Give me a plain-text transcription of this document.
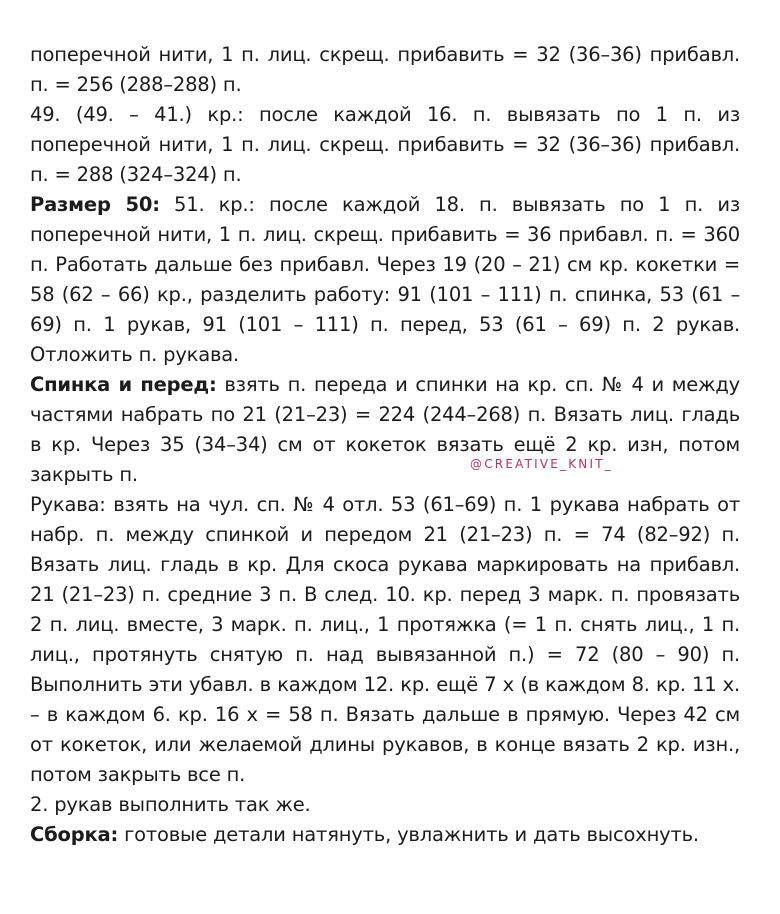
поперечной нити, 1 п. лиц. скрещ. прибавить = 32 (36–36) прибавл. п. = 256 (288–288) п.

49. (49. – 41.) кр.: после каждой 16. п. вывязать по 1 п. из поперечной нити, 1 п. лиц. скрещ. прибавить = 32 (36–36) прибавл. п. = 288 (324–324) п.

Размер 50: 51. кр.: после каждой 18. п. вывязать по 1 п. из поперечной нити, 1 п. лиц. скрещ. прибавить = 36 прибавл. п. = 360 п. Работать дальше без прибавл. Через 19 (20 – 21) см кр. кокетки = 58 (62 – 66) кр., разделить работу: 91 (101 – 111) п. спинка, 53 (61 – 69) п. 1 рукав, 91 (101 – 111) п. перед, 53 (61 – 69) п. 2 рукав. Отложить п. рукава.

Спинка и перед: взять п. переда и спинки на кр. сп. № 4 и между частями набрать по 21 (21–23) = 224 (244–268) п. Вязать лиц. гладь в кр. Через 35 (34–34) см от кокеток вязать ещё 2 кр. изн, потом закрыть п.

Рукава: взять на чул. сп. № 4 отл. 53 (61–69) п. 1 рукава набрать от набр. п. между спинкой и передом 21 (21–23) п. = 74 (82–92) п. Вязать лиц. гладь в кр. Для скоса рукава маркировать на прибавл. 21 (21–23) п. средние 3 п. В след. 10. кр. перед 3 марк. п. провязать 2 п. лиц. вместе, 3 марк. п. лиц., 1 протяжка (= 1 п. снять лиц., 1 п. лиц., протянуть снятую п. над вывязанной п.) = 72 (80 – 90) п. Выполнить эти убавл. в каждом 12. кр. ещё 7 х (в каждом 8. кр. 11 х. – в каждом 6. кр. 16 х = 58 п. Вязать дальше в прямую. Через 42 см от кокеток, или желаемой длины рукавов, в конце вязать 2 кр. изн., потом закрыть все п.

2. рукав выполнить так же.

Сборка: готовые детали натянуть, увлажнить и дать высохнуть.

@CREATIVE_KNIT_
